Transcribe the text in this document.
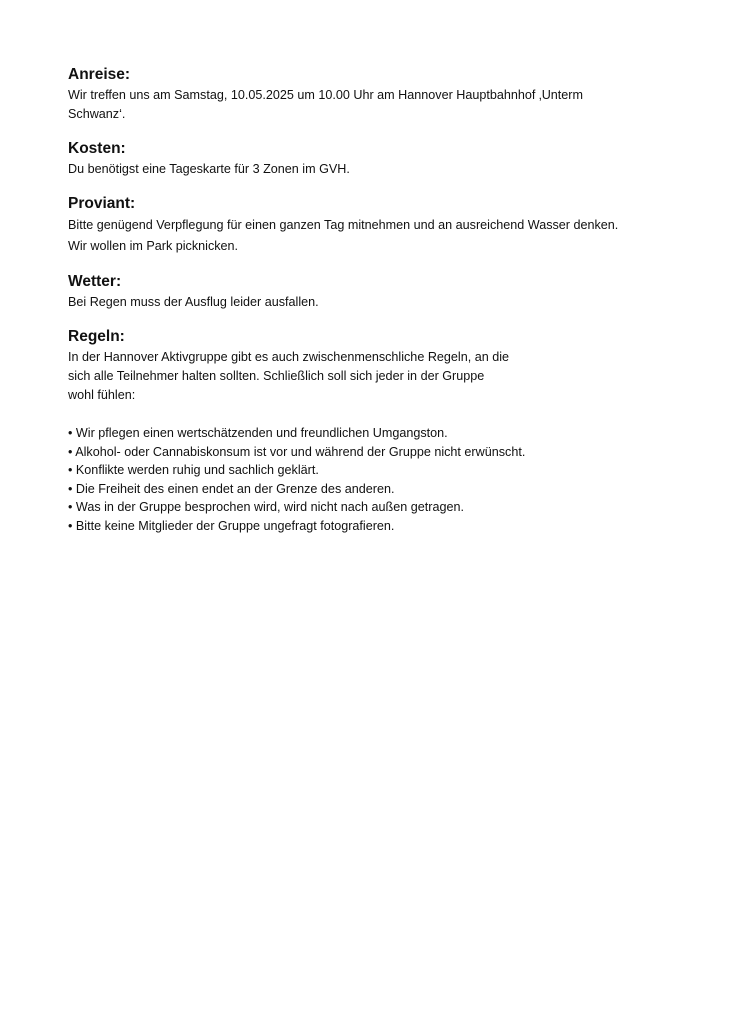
Anreise:

Wir treffen uns am Samstag, 10.05.2025 um 10.00 Uhr am Hannover Hauptbahnhof ‚Unterm
Schwanz‘.

Kosten:

Du benötigst eine Tageskarte für 3 Zonen im GVH.

Proviant:

Bitte genügend Verpflegung für einen ganzen Tag mitnehmen und an ausreichend Wasser denken.
Wir wollen im Park picknicken.

Wetter:

Bei Regen muss der Ausflug leider ausfallen.

Regeln:

In der Hannover Aktivgruppe gibt es auch zwischenmenschliche Regeln, an die
sich alle Teilnehmer halten sollten. Schließlich soll sich jeder in der Gruppe
wohl fühlen:

• Wir pflegen einen wertschätzenden und freundlichen Umgangston.
• Alkohol- oder Cannabiskonsum ist vor und während der Gruppe nicht erwünscht.
• Konflikte werden ruhig und sachlich geklärt.
• Die Freiheit des einen endet an der Grenze des anderen.
• Was in der Gruppe besprochen wird, wird nicht nach außen getragen.
• Bitte keine Mitglieder der Gruppe ungefragt fotografieren.
